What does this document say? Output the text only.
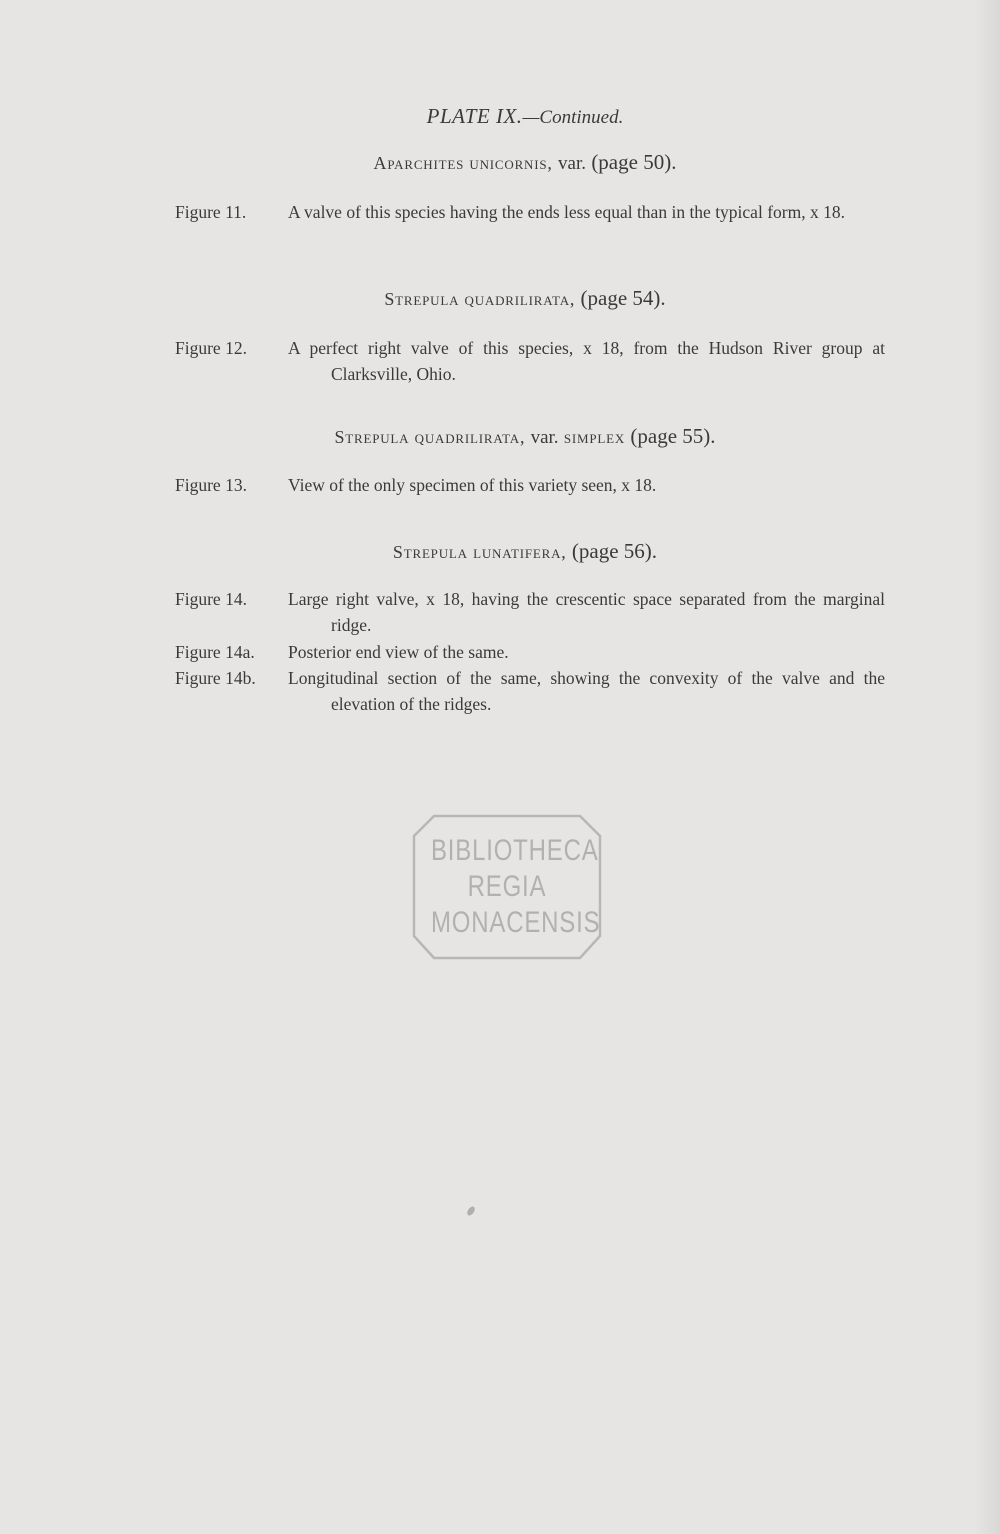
PLATE IX.—Continued.
Aparchites unicornis, var. (page 50).
Figure 11.	A valve of this species having the ends less equal than in the typical form, x 18.
Strepula quadrilirata, (page 54).
Figure 12.	A perfect right valve of this species, x 18, from the Hudson River group at Clarksville, Ohio.
Strepula quadrilirata, var. simplex (page 55).
Figure 13.	View of the only specimen of this variety seen, x 18.
Strepula lunatifera, (page 56).
Figure 14.	Large right valve, x 18, having the crescentic space separated from the marginal ridge.
Figure 14a.	Posterior end view of the same.
Figure 14b.	Longitudinal section of the same, showing the convexity of the valve and the elevation of the ridges.
BIBLIOTHECA
REGIA
MONACENSIS
